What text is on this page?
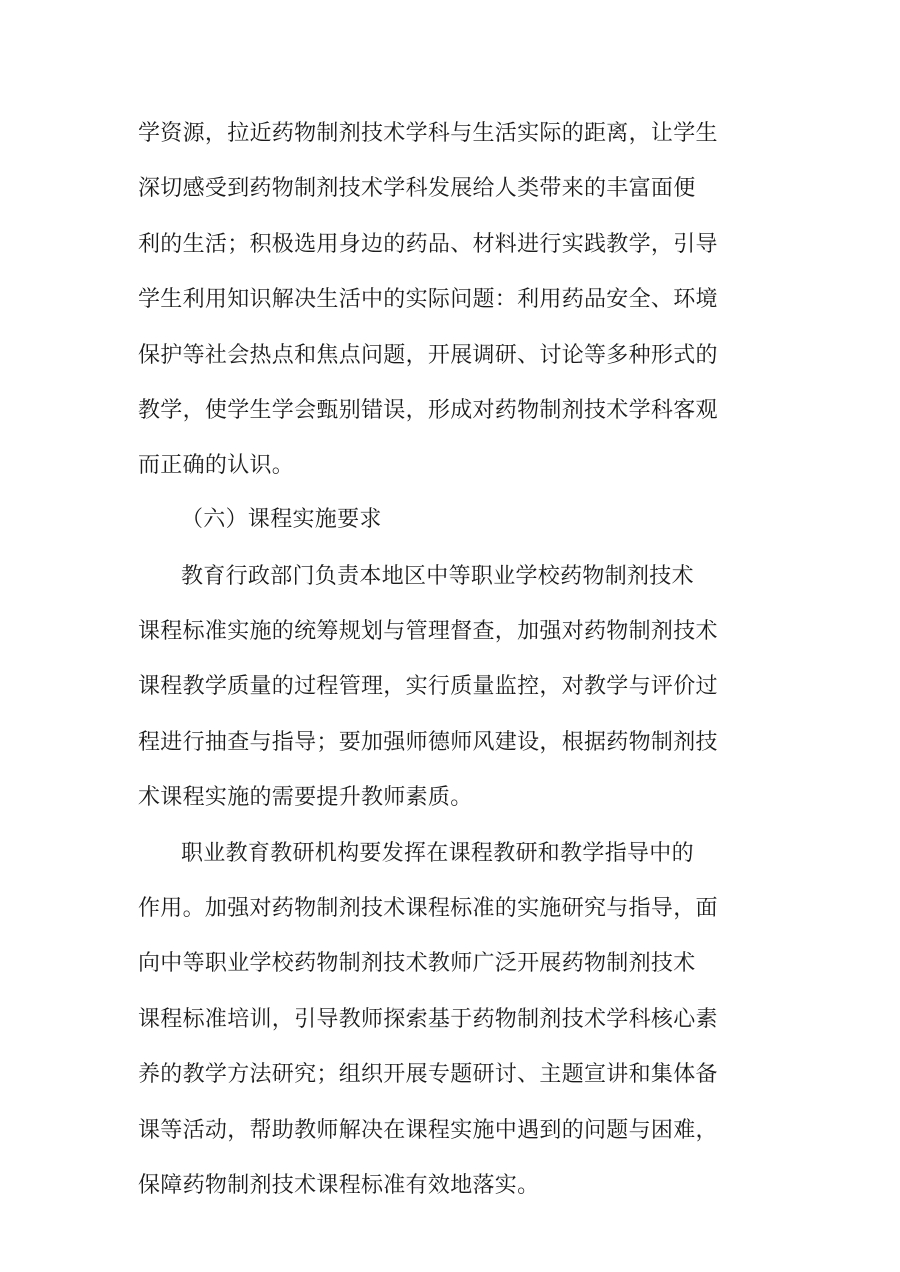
学资源，拉近药物制剂技术学科与生活实际的距离，让学生
深切感受到药物制剂技术学科发展给人类带来的丰富面便
利的生活；积极选用身边的药品、材料进行实践教学，引导
学生利用知识解决生活中的实际问题：利用药品安全、环境
保护等社会热点和焦点问题，开展调研、讨论等多种形式的
教学，使学生学会甄别错误，形成对药物制剂技术学科客观
而正确的认识。
（六）课程实施要求
教育行政部门负责本地区中等职业学校药物制剂技术
课程标准实施的统筹规划与管理督查，加强对药物制剂技术
课程教学质量的过程管理，实行质量监控，对教学与评价过
程进行抽查与指导；要加强师德师风建设，根据药物制剂技
术课程实施的需要提升教师素质。
职业教育教研机构要发挥在课程教研和教学指导中的
作用。加强对药物制剂技术课程标准的实施研究与指导，面
向中等职业学校药物制剂技术教师广泛开展药物制剂技术
课程标准培训，引导教师探索基于药物制剂技术学科核心素
养的教学方法研究；组织开展专题研讨、主题宣讲和集体备
课等活动，帮助教师解决在课程实施中遇到的问题与困难，
保障药物制剂技术课程标准有效地落实。
